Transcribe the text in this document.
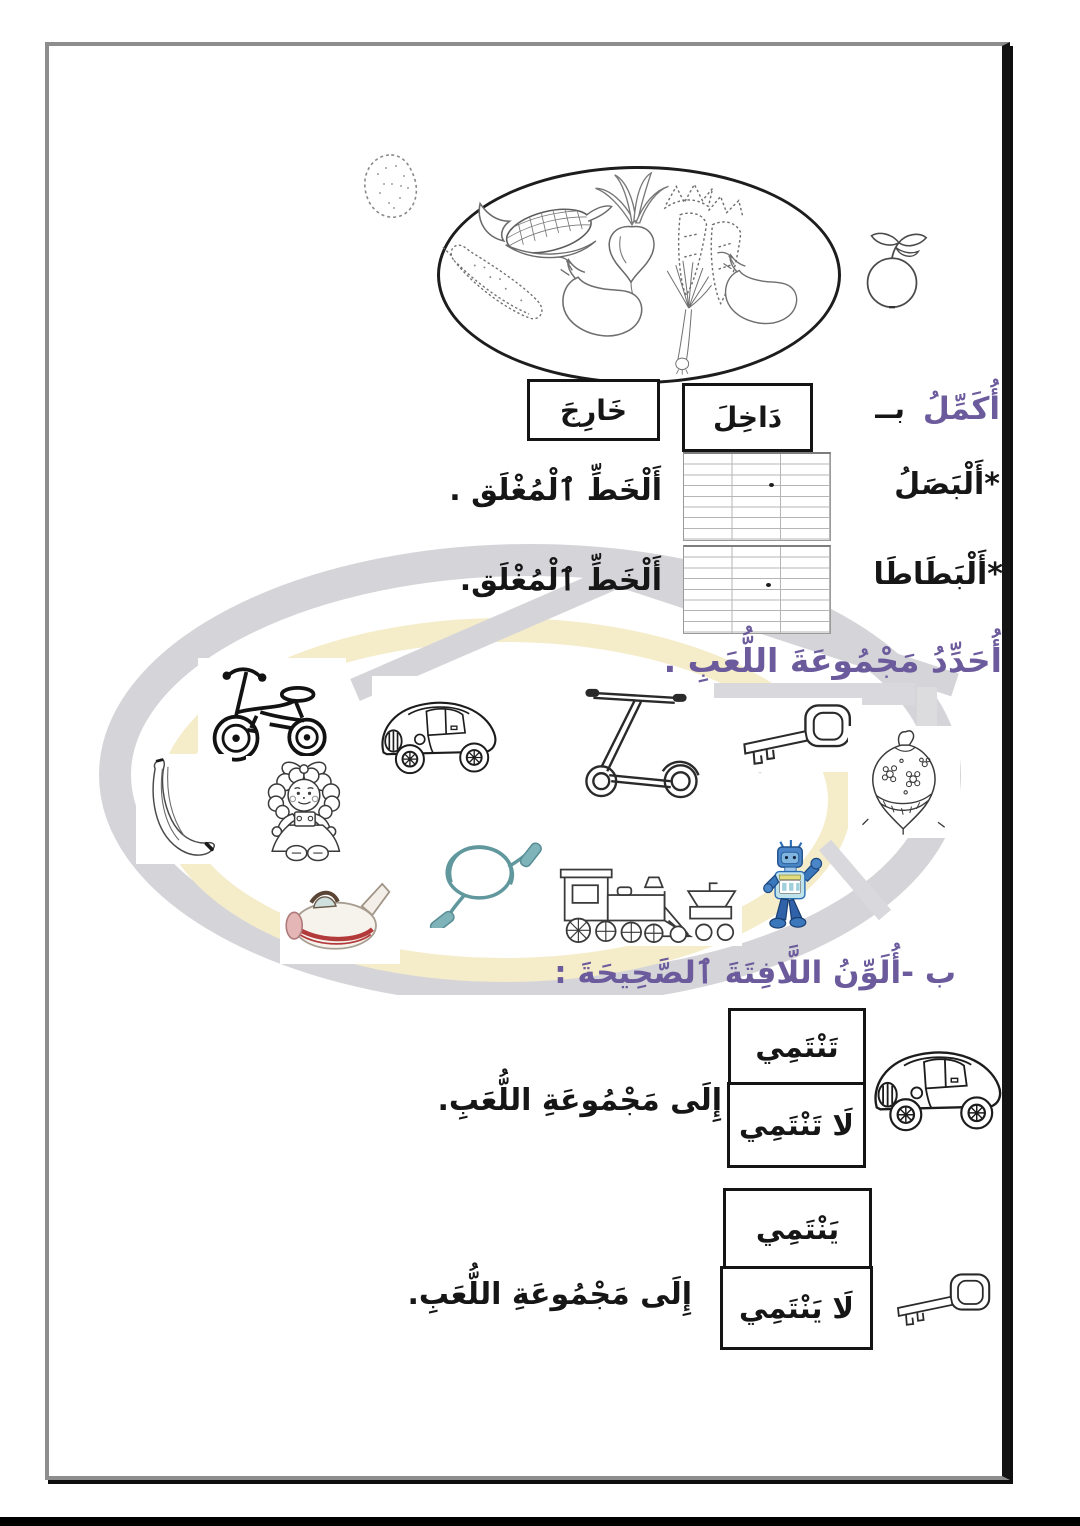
أُكَمِّلُ
بــ
دَاخِلَ
خَارِجَ
*أَلْبَصَلُ
أَلْخَطِّ ٱلْمُغْلَق .
*أَلْبَطَاطَا
أَلْخَطِّ ٱلْمُغْلَق.
أُحَدِّدُ مَجْمُوعَةَ اللُّعَبِ .
ب -أُلَوِّنُ اللَّافِتَةَ ٱلصَّحِيحَةَ :
تَنْتَمِي
لَا تَنْتَمِي
إِلَى مَجْمُوعَةِ اللُّعَبِ.
يَنْتَمِي
لَا يَنْتَمِي
إِلَى مَجْمُوعَةِ اللُّعَبِ.
